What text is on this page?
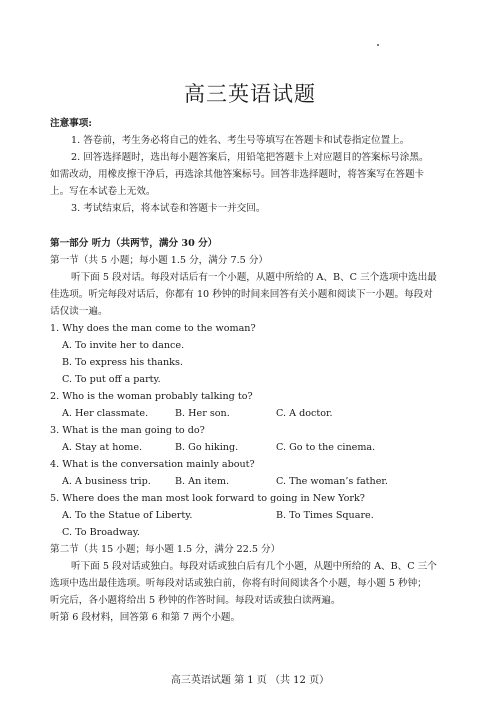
高三英语试题
注意事项:
1. 答卷前，考生务必将自己的姓名、考生号等填写在答题卡和试卷指定位置上。
2. 回答选择题时，选出每小题答案后，用铅笔把答题卡上对应题目的答案标号涂黑。
如需改动，用橡皮擦干净后，再选涂其他答案标号。回答非选择题时，将答案写在答题卡
上。写在本试卷上无效。
3. 考试结束后，将本试卷和答题卡一并交回。
第一部分 听力（共两节，满分 30 分）
第一节（共 5 小题；每小题 1.5 分，满分 7.5 分）
听下面 5 段对话。每段对话后有一个小题，从题中所给的 A、B、C 三个选项中选出最
佳选项。听完每段对话后，你都有 10 秒钟的时间来回答有关小题和阅读下一小题。每段对
话仅读一遍。
1. Why does the man come to the woman?
A. To invite her to dance.
B. To express his thanks.
C. To put off a party.
2. Who is the woman probably talking to?
A. Her classmate.	B. Her son.	C. A doctor.
3. What is the man going to do?
A. Stay at home.	B. Go hiking.	C. Go to the cinema.
4. What is the conversation mainly about?
A. A business trip.	B. An item.	C. The woman’s father.
5. Where does the man most look forward to going in New York?
A. To the Statue of Liberty.	B. To Times Square.
C. To Broadway.
第二节（共 15 小题；每小题 1.5 分，满分 22.5 分）
听下面 5 段对话或独白。每段对话或独白后有几个小题，从题中所给的 A、B、C 三个
选项中选出最佳选项。听每段对话或独白前，你将有时间阅读各个小题，每小题 5 秒钟；
听完后，各小题将给出 5 秒钟的作答时间。每段对话或独白读两遍。
听第 6 段材料，回答第 6 和第 7 两个小题。
高三英语试题 第 1 页 （共 12 页）
